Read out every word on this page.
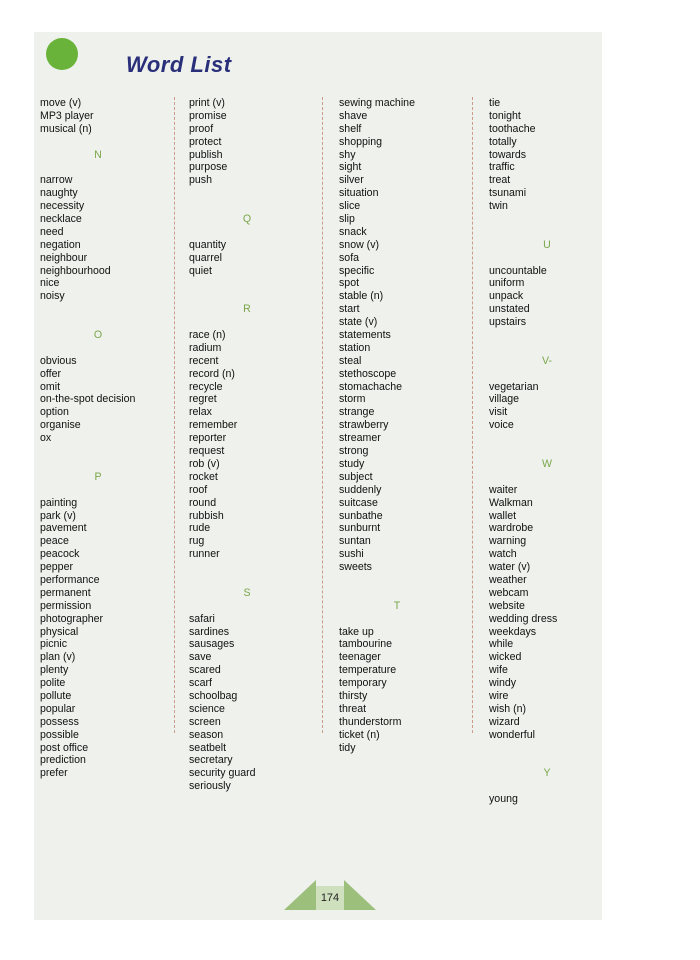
Word List
move (v)
MP3 player
musical (n)
N
narrow
naughty
necessity
necklace
need
negation
neighbour
neighbourhood
nice
noisy
O
obvious
offer
omit
on-the-spot decision
option
organise
ox
P
painting
park (v)
pavement
peace
peacock
pepper
performance
permanent
permission
photographer
physical
picnic
plan (v)
plenty
polite
pollute
popular
possess
possible
post office
prediction
prefer
print (v)
promise
proof
protect
publish
purpose
push
Q
quantity
quarrel
quiet
R
race (n)
radium
recent
record (n)
recycle
regret
relax
remember
reporter
request
rob (v)
rocket
roof
round
rubbish
rude
rug
runner
S
safari
sardines
sausages
save
scared
scarf
schoolbag
science
screen
season
seatbelt
secretary
security guard
seriously
sewing machine
shave
shelf
shopping
shy
sight
silver
situation
slice
slip
snack
snow (v)
sofa
specific
spot
stable (n)
start
state (v)
statements
station
steal
stethoscope
stomachache
storm
strange
strawberry
streamer
strong
study
subject
suddenly
suitcase
sunbathe
sunburnt
suntan
sushi
sweets
T
take up
tambourine
teenager
temperature
temporary
thirsty
threat
thunderstorm
ticket (n)
tidy
tie
tonight
toothache
totally
towards
traffic
treat
tsunami
twin
U
uncountable
uniform
unpack
unstated
upstairs
V-
vegetarian
village
visit
voice
W
waiter
Walkman
wallet
wardrobe
warning
watch
water (v)
weather
webcam
website
wedding dress
weekdays
while
wicked
wife
windy
wire
wish (n)
wizard
wonderful
Y
young
174
